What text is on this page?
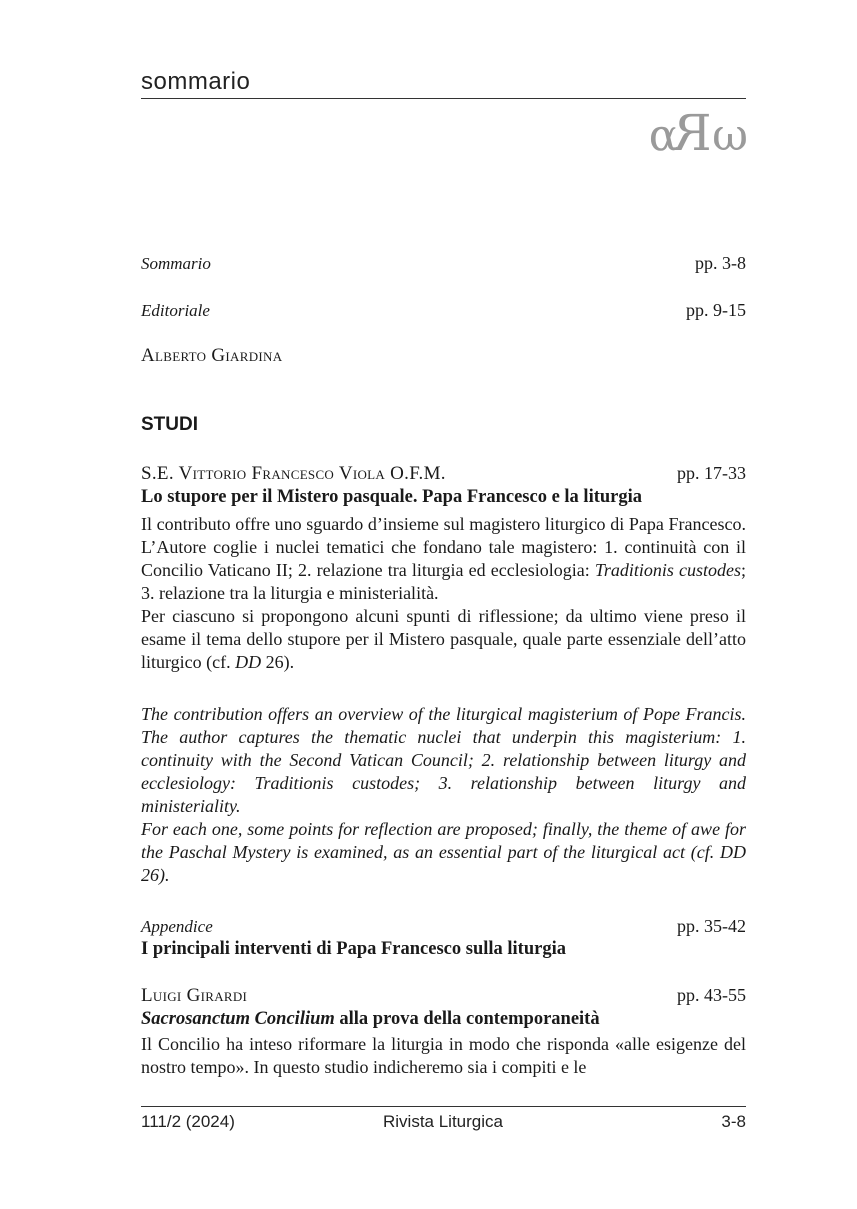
sommario
αRω
Sommario	pp. 3-8
Editoriale	pp. 9-15
Alberto Giardina
STUDI
S.E. Vittorio Francesco Viola O.F.M.	pp. 17-33
Lo stupore per il Mistero pasquale. Papa Francesco e la liturgia

Il contributo offre uno sguardo d’insieme sul magistero liturgico di Papa Francesco. L’Autore coglie i nuclei tematici che fondano tale magistero: 1. continuità con il Concilio Vaticano II; 2. relazione tra liturgia ed ecclesiologia: Traditionis custodes; 3. relazione tra la liturgia e ministerialità.

Per ciascuno si propongono alcuni spunti di riflessione; da ultimo viene preso il esame il tema dello stupore per il Mistero pasquale, quale parte essenziale dell’atto liturgico (cf. DD 26).

The contribution offers an overview of the liturgical magisterium of Pope Francis. The author captures the thematic nuclei that underpin this magisterium: 1. continuity with the Second Vatican Council; 2. relationship between liturgy and ecclesiology: Traditionis custodes; 3. relationship between liturgy and ministeriality.

For each one, some points for reflection are proposed; finally, the theme of awe for the Paschal Mystery is examined, as an essential part of the liturgical act (cf. DD 26).

Appendice	pp. 35-42
I principali interventi di Papa Francesco sulla liturgia
Luigi Girardi	pp. 43-55
Sacrosanctum Concilium alla prova della contemporaneità
Il Concilio ha inteso riformare la liturgia in modo che risponda «alle esigenze del nostro tempo». In questo studio indicheremo sia i compiti e le
111/2 (2024)	Rivista Liturgica	3-8
